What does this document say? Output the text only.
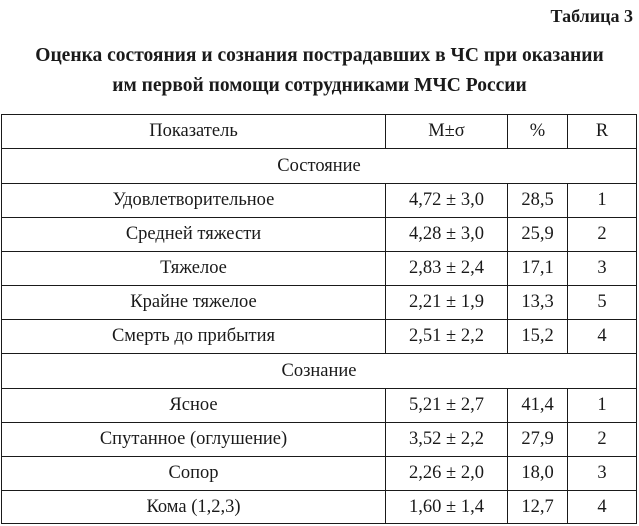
Таблица 3
Оценка состояния и сознания пострадавших в ЧС при оказании
им первой помощи сотрудниками МЧС России
Показатель	M±σ	%	R
Состояние			
Удовлетворительное	4,72 ± 3,0	28,5	1
Средней тяжести	4,28 ± 3,0	25,9	2
Тяжелое	2,83 ± 2,4	17,1	3
Крайне тяжелое	2,21 ± 1,9	13,3	5
Смерть до прибытия	2,51 ± 2,2	15,2	4
Сознание			
Ясное	5,21 ± 2,7	41,4	1
Спутанное (оглушение)	3,52 ± 2,2	27,9	2
Сопор	2,26 ± 2,0	18,0	3
Кома (1,2,3)	1,60 ± 1,4	12,7	4
